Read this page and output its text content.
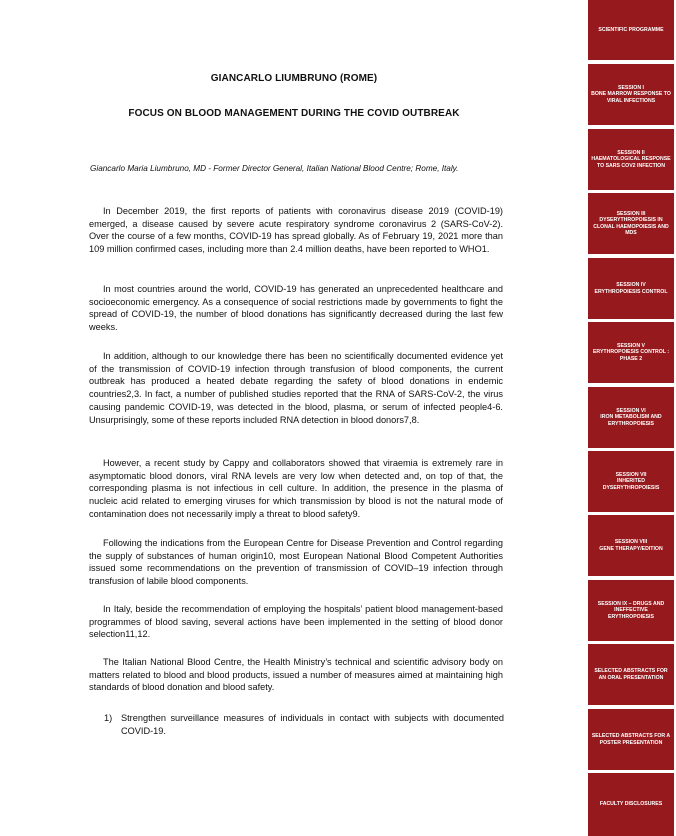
GIANCARLO LIUMBRUNO (ROME)
FOCUS ON BLOOD MANAGEMENT DURING THE COVID OUTBREAK
Giancarlo Maria Liumbruno, MD - Former Director General, Italian National Blood Centre; Rome, Italy.

In December 2019, the first reports of patients with coronavirus disease 2019 (COVID-19) emerged, a disease caused by severe acute respiratory syndrome coronavirus 2 (SARS-CoV-2). Over the course of a few months, COVID-19 has spread globally. As of February 19, 2021 more than 109 million confirmed cases, including more than 2.4 million deaths, have been reported to WHO1.

In most countries around the world, COVID-19 has generated an unprecedented healthcare and socioeconomic emergency. As a consequence of social restrictions made by governments to fight the spread of COVID-19, the number of blood donations has significantly decreased during the last few weeks.

In addition, although to our knowledge there has been no scientifically documented evidence yet of the transmission of COVID-19 infection through transfusion of blood components, the current outbreak has produced a heated debate regarding the safety of blood donations in endemic countries2,3. In fact, a number of published studies reported that the RNA of SARS-CoV-2, the virus causing pandemic COVID-19, was detected in the blood, plasma, or serum of infected people4-6. Unsurprisingly, some of these reports included RNA detection in blood donors7,8.

However, a recent study by Cappy and collaborators showed that viraemia is extremely rare in asymptomatic blood donors, viral RNA levels are very low when detected and, on top of that, the corresponding plasma is not infectious in cell culture. In addition, the presence in the plasma of nucleic acid related to emerging viruses for which transmission by blood is not the natural mode of contamination does not necessarily imply a threat to blood safety9.

Following the indications from the European Centre for Disease Prevention and Control regarding the supply of substances of human origin10, most European National Blood Competent Authorities issued some recommendations on the prevention of transmission of COVID–19 infection through transfusion of labile blood components.

In Italy, beside the recommendation of employing the hospitals’ patient blood management-based programmes of blood saving, several actions have been implemented in the setting of blood donor selection11,12.

The Italian National Blood Centre, the Health Ministry’s technical and scientific advisory body on matters related to blood and blood products, issued a number of measures aimed at maintaining high standards of blood donation and blood safety.

1) Strengthen surveillance measures of individuals in contact with subjects with documented COVID-19.
SCIENTIFIC PROGRAMME
SESSION I
BONE MARROW RESPONSE TO VIRAL INFECTIONS
SESSION II
HAEMATOLOGICAL RESPONSE TO SARS COV2 INFECTION
SESSION III
DYSERYTHROPOIESIS IN CLONAL HAEMOPOIESIS AND MDS
SESSION IV
ERYTHROPOIESIS CONTROL
SESSION V
ERYTHROPOIESIS CONTROL : PHASE 2
SESSION VI
IRON METABOLISM AND ERYTHROPOIESIS
SESSION VII
INHERITED DYSERYTHROPOIESIS
SESSION VIII
GENE THERAPY/EDITION
SESSION IX – DRUGS AND INEFFECTIVE ERYTHROPOIESIS
SELECTED ABSTRACTS FOR AN ORAL PRESENTATION
SELECTED ABSTRACTS FOR A POSTER PRESENTATION
FACULTY DISCLOSURES
